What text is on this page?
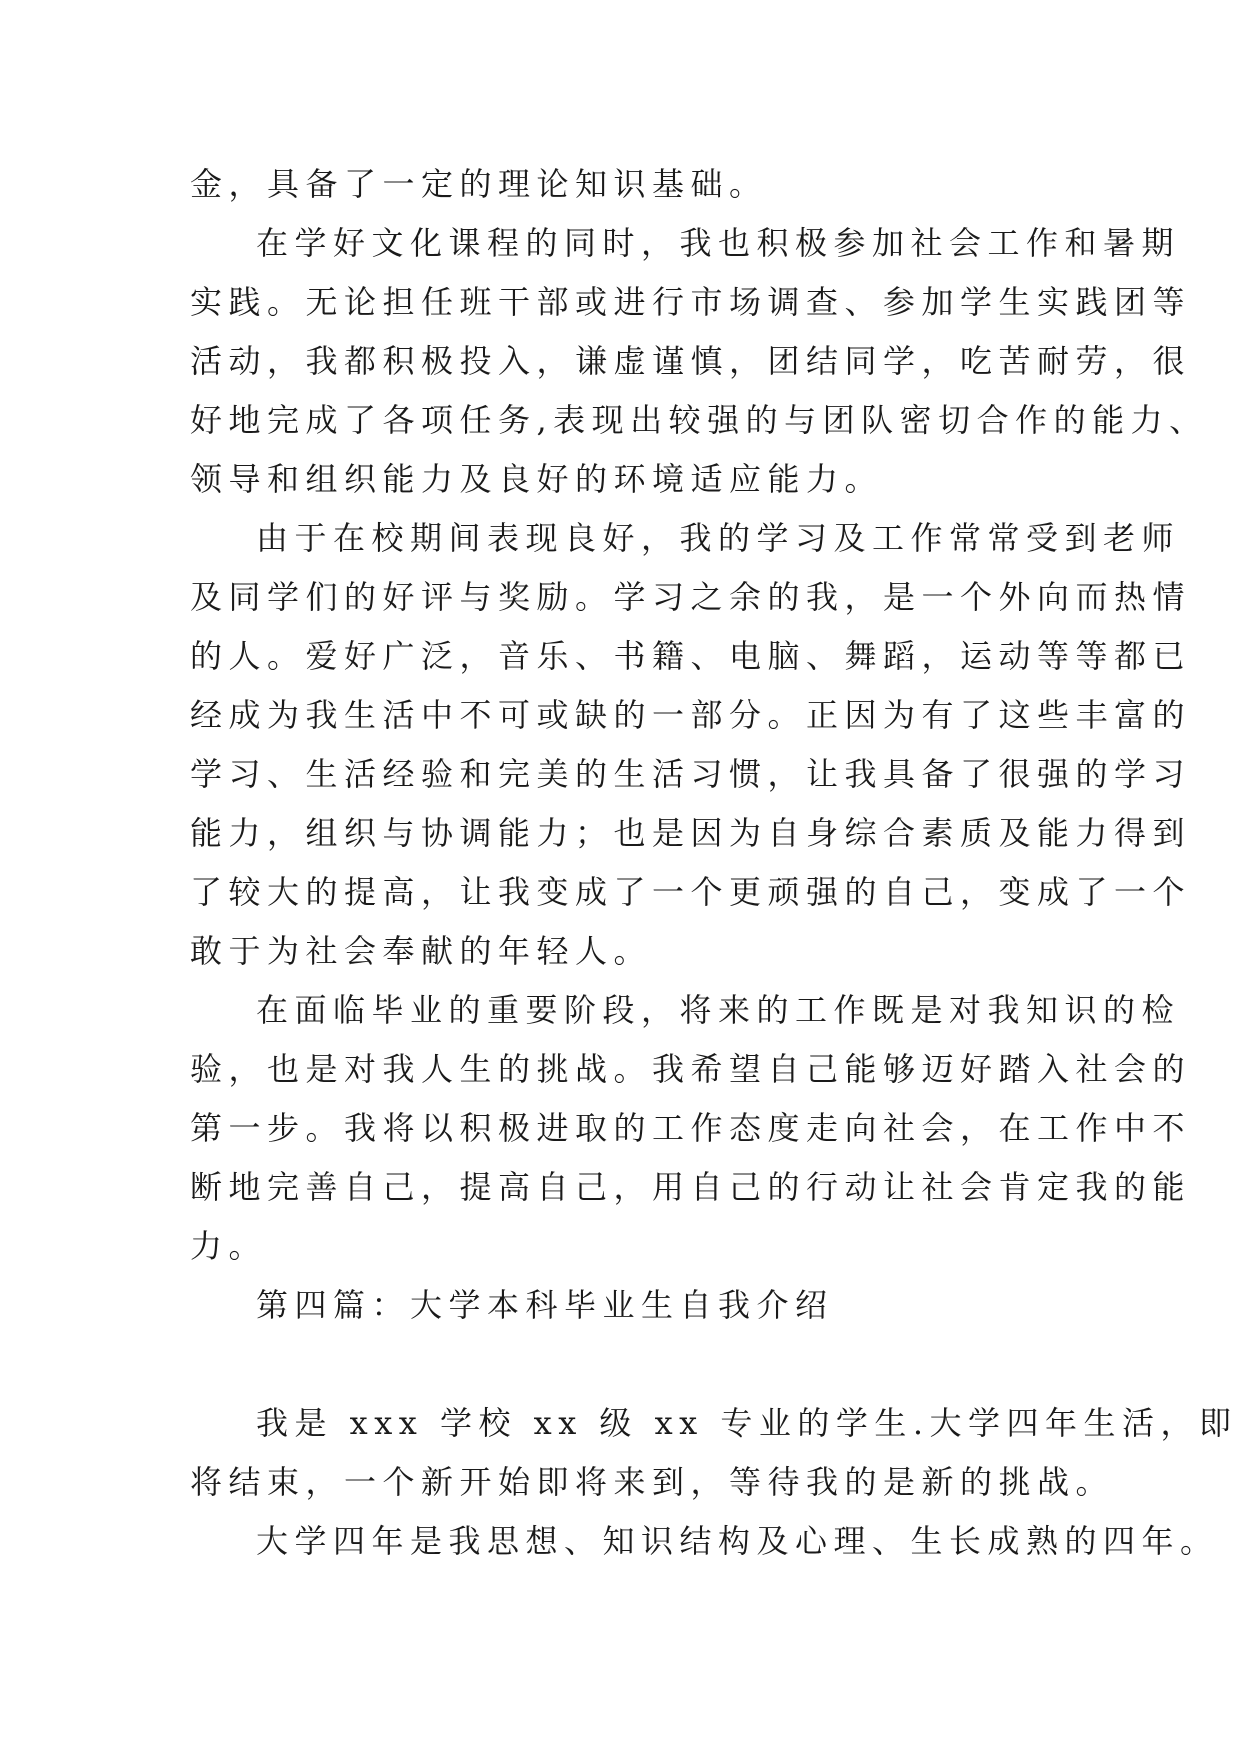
金，具备了一定的理论知识基础。
在学好文化课程的同时，我也积极参加社会工作和暑期
实践。无论担任班干部或进行市场调查、参加学生实践团等
活动，我都积极投入，谦虚谨慎，团结同学，吃苦耐劳，很
好地完成了各项任务,表现出较强的与团队密切合作的能力、
领导和组织能力及良好的环境适应能力。
由于在校期间表现良好，我的学习及工作常常受到老师
及同学们的好评与奖励。学习之余的我，是一个外向而热情
的人。爱好广泛，音乐、书籍、电脑、舞蹈，运动等等都已
经成为我生活中不可或缺的一部分。正因为有了这些丰富的
学习、生活经验和完美的生活习惯，让我具备了很强的学习
能力，组织与协调能力；也是因为自身综合素质及能力得到
了较大的提高，让我变成了一个更顽强的自己，变成了一个
敢于为社会奉献的年轻人。
在面临毕业的重要阶段，将来的工作既是对我知识的检
验，也是对我人生的挑战。我希望自己能够迈好踏入社会的
第一步。我将以积极进取的工作态度走向社会，在工作中不
断地完善自己，提高自己，用自己的行动让社会肯定我的能
力。
第四篇：大学本科毕业生自我介绍
我是 xxx 学校 xx 级 xx 专业的学生.大学四年生活，即
将结束，一个新开始即将来到，等待我的是新的挑战。
大学四年是我思想、知识结构及心理、生长成熟的四年。
